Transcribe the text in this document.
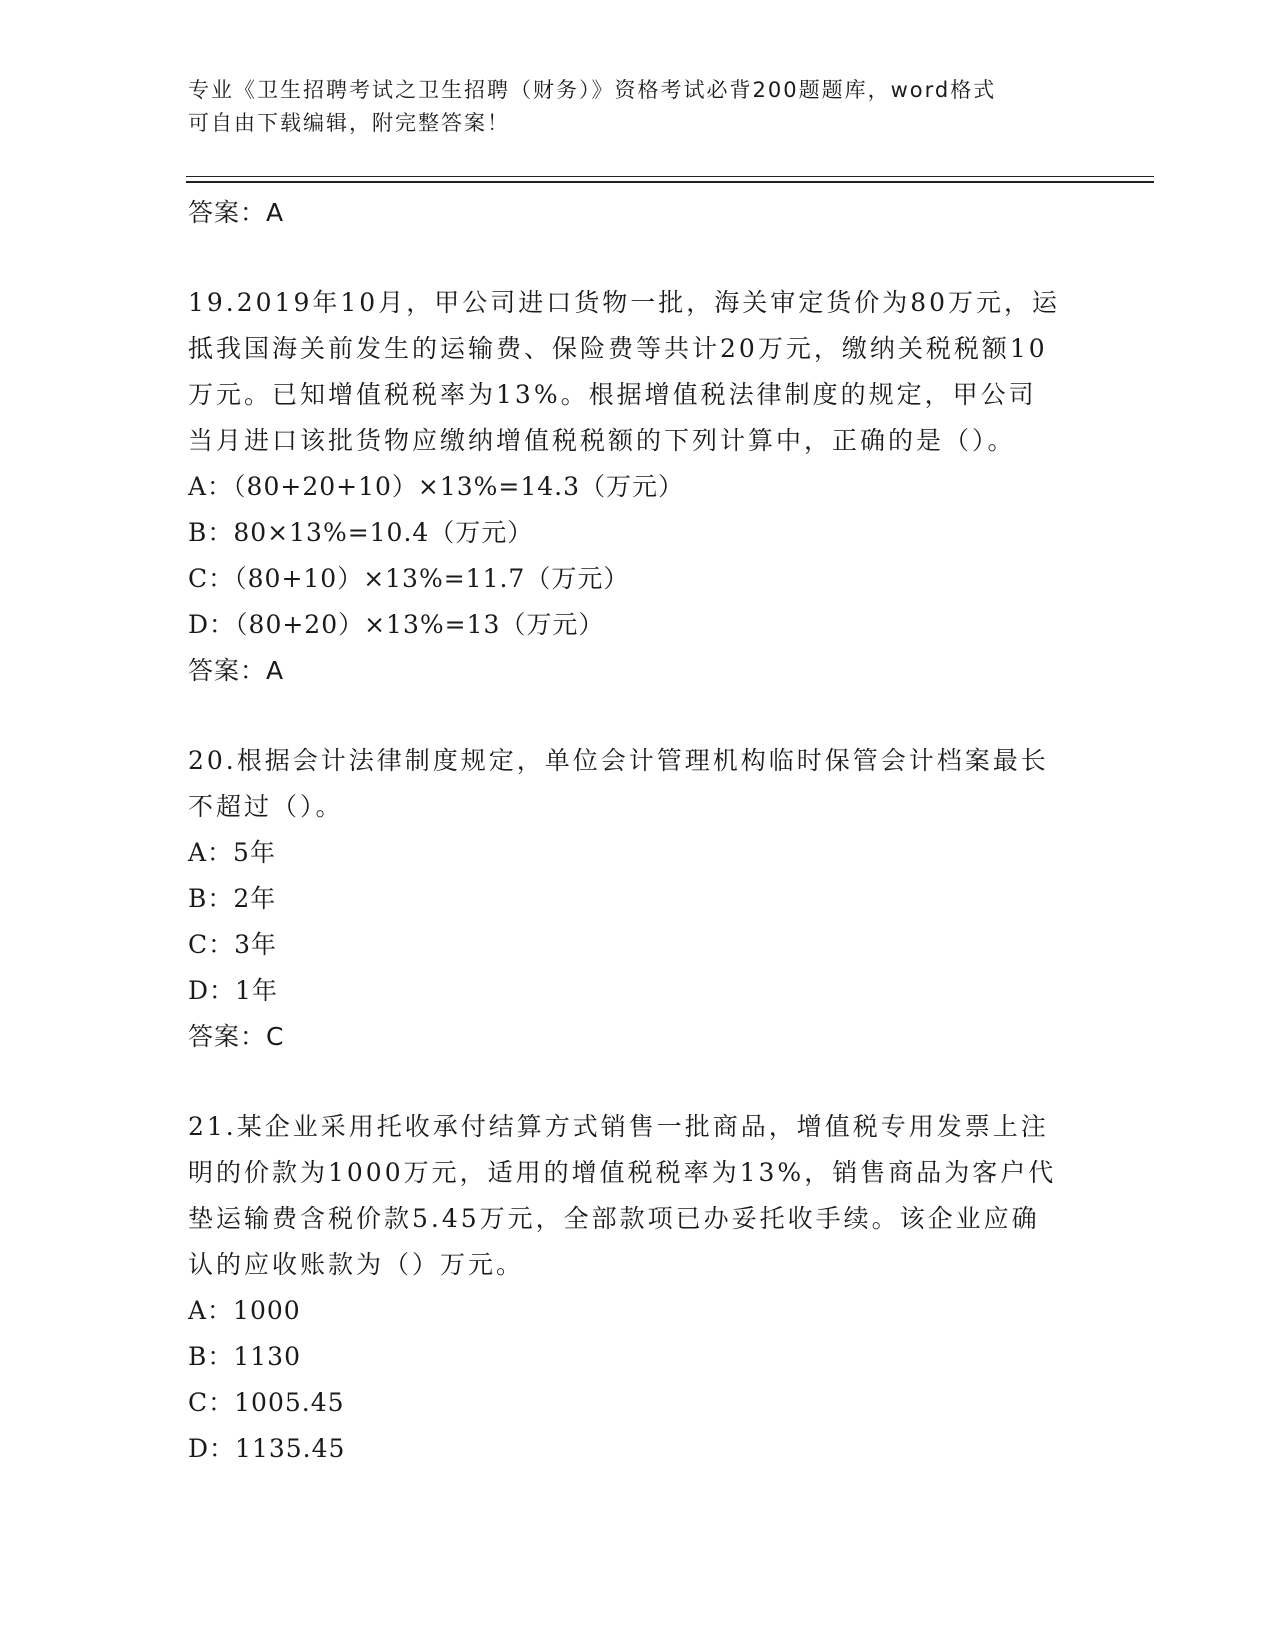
专业《卫生招聘考试之卫生招聘（财务）》资格考试必背200题题库，word格式
可自由下载编辑，附完整答案！
答案：A
19.2019年10月，甲公司进口货物一批，海关审定货价为80万元，运
抵我国海关前发生的运输费、保险费等共计20万元，缴纳关税税额10
万元。已知增值税税率为13%。根据增值税法律制度的规定，甲公司
当月进口该批货物应缴纳增值税税额的下列计算中，正确的是（）。
A：（80+20+10）×13%=14.3（万元）
B：80×13%=10.4（万元）
C：（80+10）×13%=11.7（万元）
D：（80+20）×13%=13（万元）
答案：A
20.根据会计法律制度规定，单位会计管理机构临时保管会计档案最长
不超过（）。
A：5年
B：2年
C：3年
D：1年
答案：C
21.某企业采用托收承付结算方式销售一批商品，增值税专用发票上注
明的价款为1000万元，适用的增值税税率为13%，销售商品为客户代
垫运输费含税价款5.45万元，全部款项已办妥托收手续。该企业应确
认的应收账款为（）万元。
A：1000
B：1130
C：1005.45
D：1135.45
